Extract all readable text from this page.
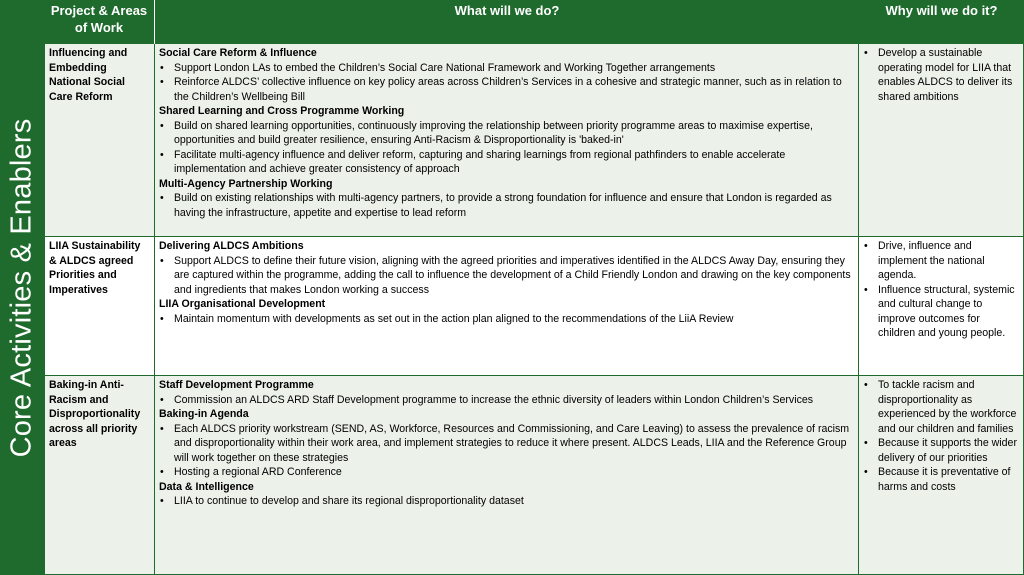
Core Activities & Enablers
Project & Areas of Work
What will we do?	Why will we do it?
Influencing and Embedding National Social Care Reform
Social Care Reform & Influence
• Support London LAs to embed the Children’s Social Care National Framework and Working Together arrangements
• Reinforce ALDCS’ collective influence on key policy areas across Children’s Services in a cohesive and strategic manner, such as in relation to the Children’s Wellbeing Bill
Shared Learning and Cross Programme Working
• Build on shared learning opportunities, continuously improving the relationship between priority programme areas to maximise expertise, opportunities and build greater resilience, ensuring Anti-Racism & Disproportionality is 'baked-in'
• Facilitate multi-agency influence and deliver reform, capturing and sharing learnings from regional pathfinders to enable accelerate implementation and achieve greater consistency of approach
Multi-Agency Partnership Working
• Build on existing relationships with multi-agency partners, to provide a strong foundation for influence and ensure that London is regarded as having the infrastructure, appetite and expertise to lead reform
• Develop a sustainable operating model for LIIA that enables ALDCS to deliver its shared ambitions
LIIA Sustainability & ALDCS agreed Priorities and Imperatives
Delivering ALDCS Ambitions
• Support ALDCS to define their future vision, aligning with the agreed priorities and imperatives identified in the ALDCS Away Day, ensuring they are captured within the programme, adding the call to influence the development of a Child Friendly London and drawing on the key components and ingredients that makes London working a success
LIIA Organisational Development
• Maintain momentum with developments as set out in the action plan aligned to the recommendations of the LiiA Review
• Drive, influence and implement the national agenda.
• Influence structural, systemic and cultural change to improve outcomes for children and young people.
Baking-in Anti-Racism and Disproportionality across all priority areas
Staff Development Programme
• Commission an ALDCS ARD Staff Development programme to increase the ethnic diversity of leaders within London Children’s Services
Baking-in Agenda
• Each ALDCS priority workstream (SEND, AS, Workforce, Resources and Commissioning, and Care Leaving) to assess the prevalence of racism and disproportionality within their work area, and implement strategies to reduce it where present. ALDCS Leads, LIIA and the Reference Group will work together on these strategies
• Hosting a regional ARD Conference
Data & Intelligence
• LIIA to continue to develop and share its regional disproportionality dataset
• To tackle racism and disproportionality as experienced by the workforce and our children and families
• Because it supports the wider delivery of our priorities
• Because it is preventative of harms and costs
